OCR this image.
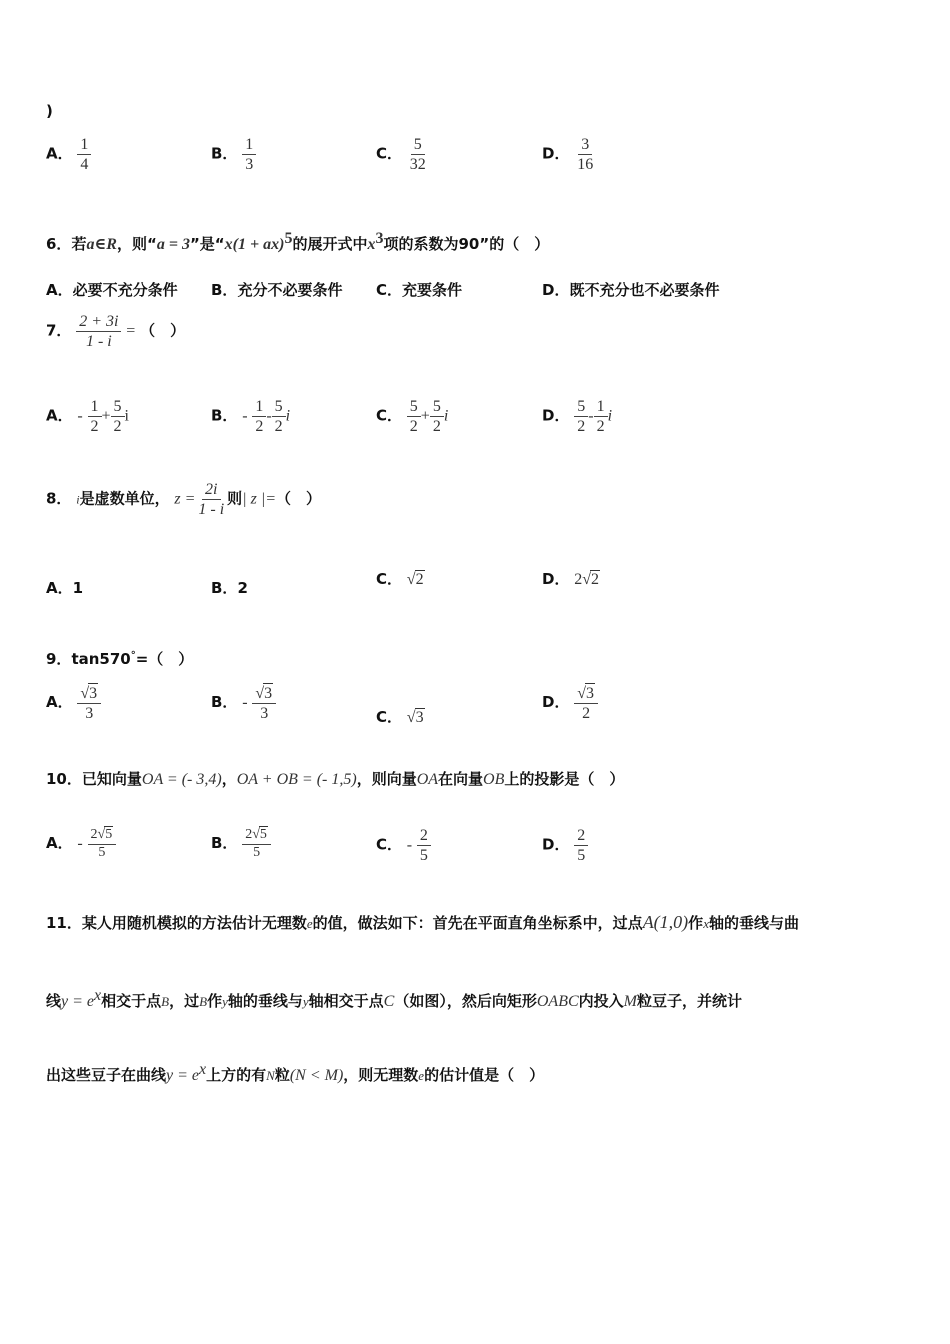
)
A． $\frac{1}{4}$	B． $\frac{1}{3}$	C． $\frac{5}{32}$	D． $\frac{3}{16}$
6．若a∈R，则“a = 3”是“x(1 + ax)$^5$的展开式中$x^3$项的系数为90”的（　）
A．必要不充分条件 B．充分不必要条件 C．充要条件	D．既不充分也不必要条件
7． $\frac{2 + 3i}{1 - i}$ = （　）
A． - $\frac{1}{2} + \frac{5}{2}$ i	B． - $\frac{1}{2} - \frac{5}{2}$ i	C． $\frac{5}{2} + \frac{5}{2}$ i	D． $\frac{5}{2} - \frac{1}{2}$ i
8． i是虚数单位， $z = \frac{2i}{1 - i}$ 则| z |=（　）
A．1	B．2	C． √2	D． 2√2
9．tan570°=（　）
A． $\frac{√3}{3}$	B． - $\frac{√3}{3}$	C． √3
D． $\frac{√3}{2}$
10．已知向量OA = (- 3,4)，OA + OB = (- 1,5)，则向量OA在向量OB上的投影是（　）
A． - $\frac{2√5}{5}$	B． $\frac{2√5}{5}$	C． - $\frac{2}{5}$	D． $\frac{2}{5}$
11．某人用随机模拟的方法估计无理数e的值，做法如下：首先在平面直角坐标系中，过点A(1,0)作x轴的垂线与曲
线$y = e^x$相交于点B，过B作y轴的垂线与y轴相交于点C（如图），然后向矩形OABC内投入M粒豆子，并统计
出这些豆子在曲线$y = e^x$上方的有N粒(N < M)，则无理数e的估计值是（　）
